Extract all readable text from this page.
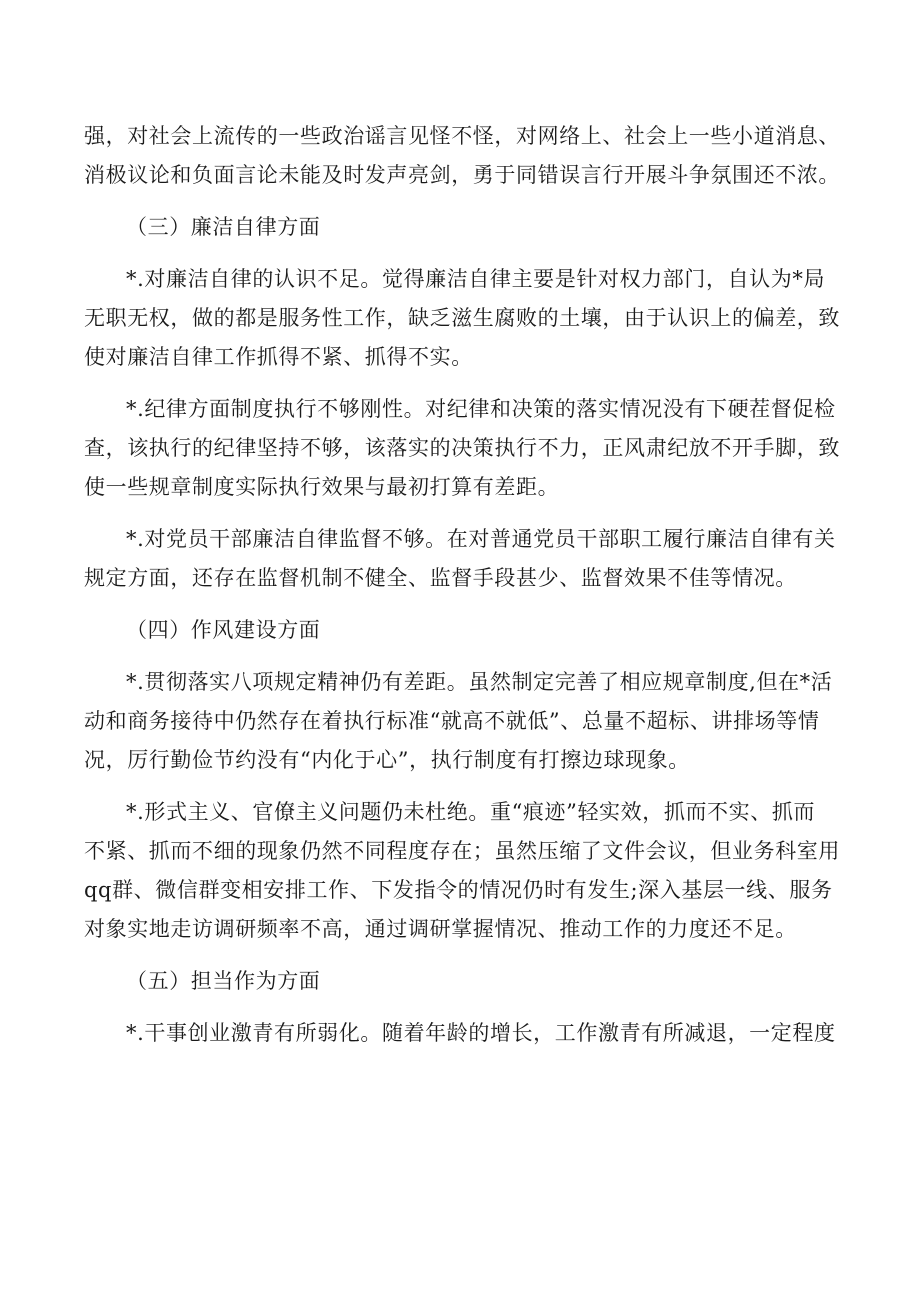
强，对社会上流传的一些政治谣言见怪不怪，对网络上、社会上一些小道消息、
消极议论和负面言论未能及时发声亮剑，勇于同错误言行开展斗争氛围还不浓。
（三）廉洁自律方面
*.对廉洁自律的认识不足。觉得廉洁自律主要是针对权力部门，自认为*局
无职无权，做的都是服务性工作，缺乏滋生腐败的土壤，由于认识上的偏差，致
使对廉洁自律工作抓得不紧、抓得不实。
*.纪律方面制度执行不够刚性。对纪律和决策的落实情况没有下硬茬督促检
查，该执行的纪律坚持不够，该落实的决策执行不力，正风肃纪放不开手脚，致
使一些规章制度实际执行效果与最初打算有差距。
*.对党员干部廉洁自律监督不够。在对普通党员干部职工履行廉洁自律有关
规定方面，还存在监督机制不健全、监督手段甚少、监督效果不佳等情况。
（四）作风建设方面
*.贯彻落实八项规定精神仍有差距。虽然制定完善了相应规章制度,但在*活
动和商务接待中仍然存在着执行标准“就高不就低”、总量不超标、讲排场等情
况，厉行勤俭节约没有“内化于心”，执行制度有打擦边球现象。
*.形式主义、官僚主义问题仍未杜绝。重“痕迹”轻实效，抓而不实、抓而
不紧、抓而不细的现象仍然不同程度存在；虽然压缩了文件会议，但业务科室用
qq群、微信群变相安排工作、下发指令的情况仍时有发生;深入基层一线、服务
对象实地走访调研频率不高，通过调研掌握情况、推动工作的力度还不足。
（五）担当作为方面
*.干事创业激青有所弱化。随着年龄的增长，工作激青有所减退，一定程度
